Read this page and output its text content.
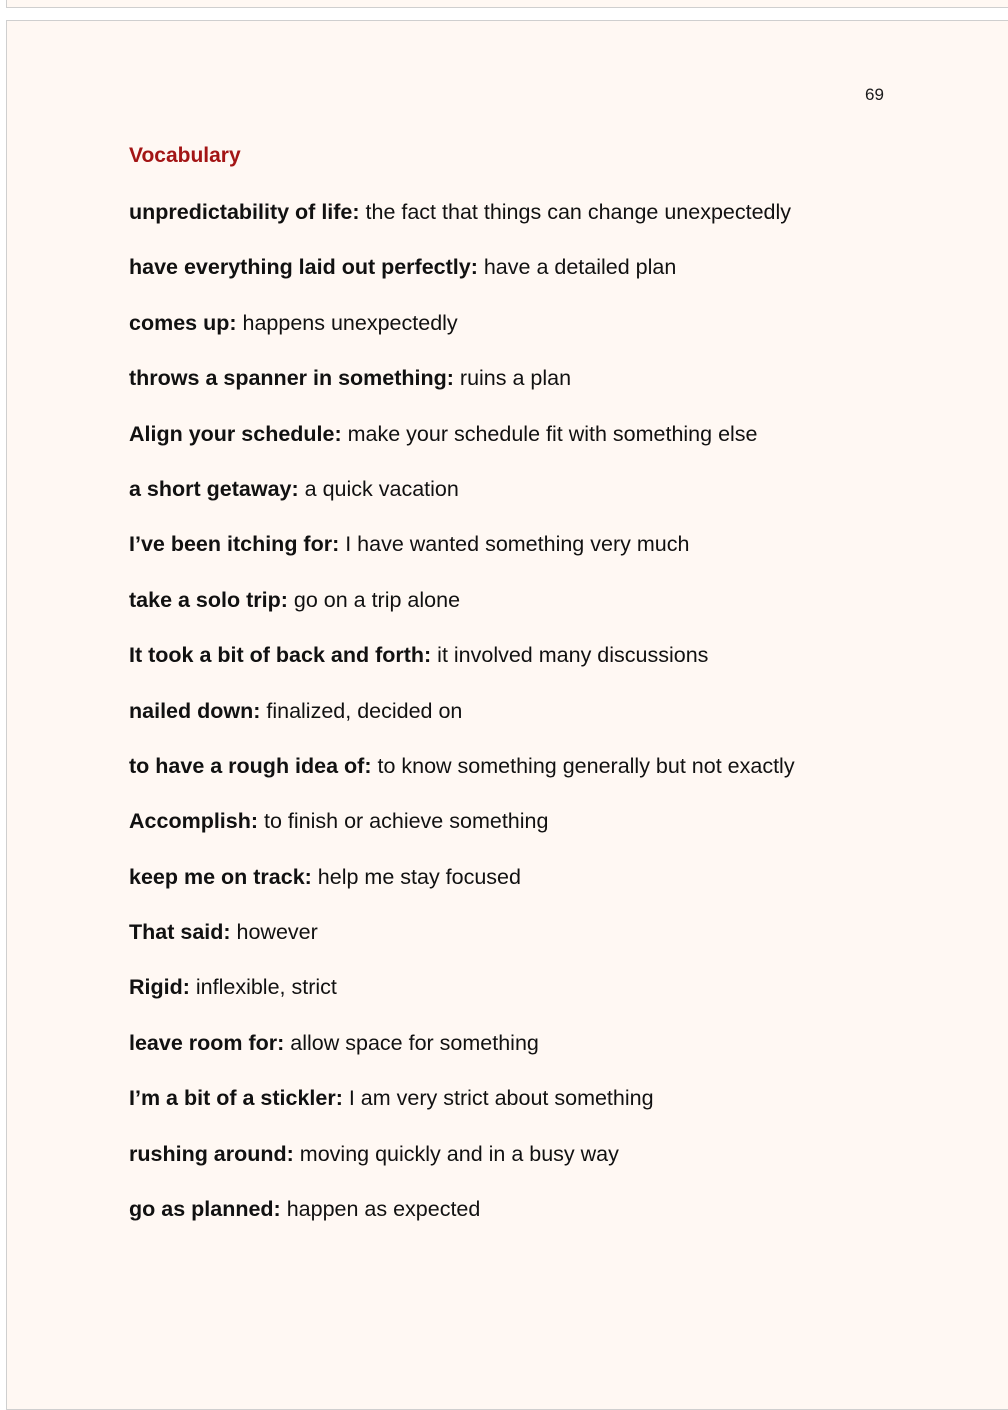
69
Vocabulary
unpredictability of life: the fact that things can change unexpectedly
have everything laid out perfectly: have a detailed plan
comes up: happens unexpectedly
throws a spanner in something: ruins a plan
Align your schedule: make your schedule fit with something else
a short getaway: a quick vacation
I’ve been itching for: I have wanted something very much
take a solo trip: go on a trip alone
It took a bit of back and forth: it involved many discussions
nailed down: finalized, decided on
to have a rough idea of: to know something generally but not exactly
Accomplish: to finish or achieve something
keep me on track: help me stay focused
That said: however
Rigid: inflexible, strict
leave room for: allow space for something
I’m a bit of a stickler: I am very strict about something
rushing around: moving quickly and in a busy way
go as planned: happen as expected
